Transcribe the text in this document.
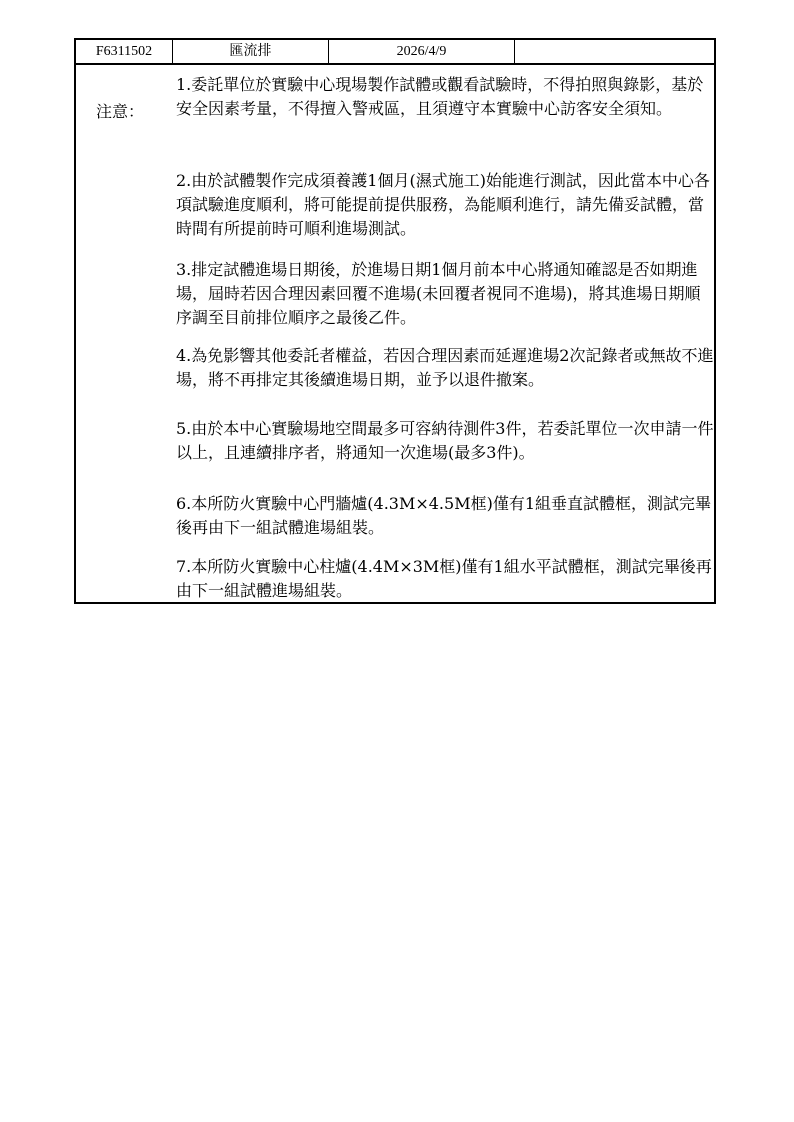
F6311502	匯流排	2026/4/9
注意：

1.委託單位於實驗中心現場製作試體或觀看試驗時，不得拍照與錄影，基於安全因素考量，不得擅入警戒區，且須遵守本實驗中心訪客安全須知。

2.由於試體製作完成須養護1個月(濕式施工)始能進行測試，因此當本中心各項試驗進度順利，將可能提前提供服務，為能順利進行，請先備妥試體，當時間有所提前時可順利進場測試。

3.排定試體進場日期後，於進場日期1個月前本中心將通知確認是否如期進場，屆時若因合理因素回覆不進場(未回覆者視同不進場)，將其進場日期順序調至目前排位順序之最後乙件。

4.為免影響其他委託者權益，若因合理因素而延遲進場2次記錄者或無故不進場，將不再排定其後續進場日期，並予以退件撤案。

5.由於本中心實驗場地空間最多可容納待測件3件，若委託單位一次申請一件以上，且連續排序者，將通知一次進場(最多3件)。

6.本所防火實驗中心門牆爐(4.3M×4.5M框)僅有1組垂直試體框，測試完畢後再由下一組試體進場組裝。

7.本所防火實驗中心柱爐(4.4M×3M框)僅有1組水平試體框，測試完畢後再由下一組試體進場組裝。
